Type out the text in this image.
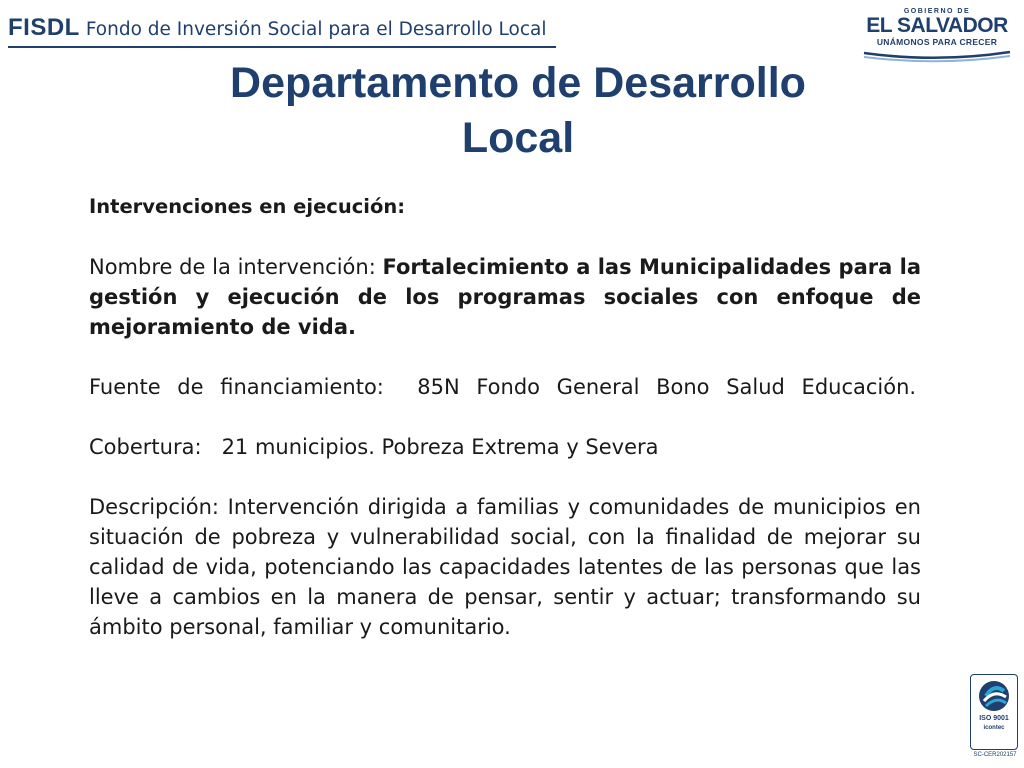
FISDL Fondo de Inversión Social para el Desarrollo Local
GOBIERNO DE
EL SALVADOR
UNÁMONOS PARA CRECER
Departamento de Desarrollo
Local

Intervenciones en ejecución:

Nombre de la intervención: Fortalecimiento a las Municipalidades para la gestión y ejecución de los programas sociales con enfoque de mejoramiento de vida.

Fuente de financiamiento: 85N Fondo General Bono Salud Educación.

Cobertura: 21 municipios. Pobreza Extrema y Severa

Descripción: Intervención dirigida a familias y comunidades de municipios en situación de pobreza y vulnerabilidad social, con la finalidad de mejorar su calidad de vida, potenciando las capacidades latentes de las personas que las lleve a cambios en la manera de pensar, sentir y actuar; transformando su ámbito personal, familiar y comunitario.

ISO 9001
icontec
SC-CER202157
